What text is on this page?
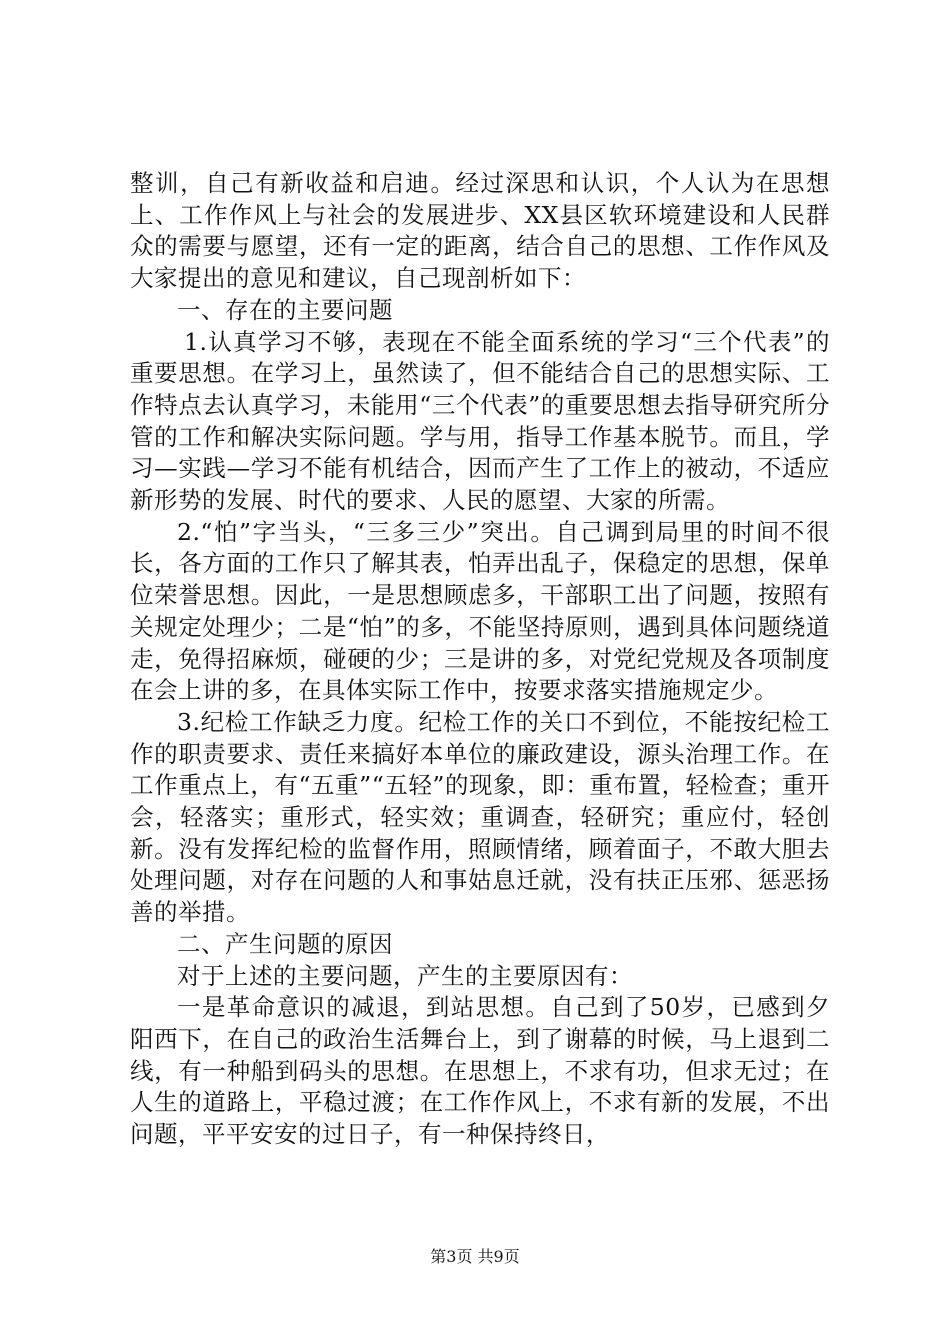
整训，自己有新收益和启迪。经过深思和认识，个人认为在思想上、工作作风上与社会的发展进步、XX县区软环境建设和人民群众的需要与愿望，还有一定的距离，结合自己的思想、工作作风及大家提出的意见和建议，自己现剖析如下：

一、存在的主要问题

1.认真学习不够，表现在不能全面系统的学习“三个代表”的重要思想。在学习上，虽然读了，但不能结合自己的思想实际、工作特点去认真学习，未能用“三个代表”的重要思想去指导研究所分管的工作和解决实际问题。学与用，指导工作基本脱节。而且，学习—实践—学习不能有机结合，因而产生了工作上的被动，不适应新形势的发展、时代的要求、人民的愿望、大家的所需。

2.“怕”字当头，“三多三少”突出。自己调到局里的时间不很长，各方面的工作只了解其表，怕弄出乱子，保稳定的思想，保单位荣誉思想。因此，一是思想顾虑多，干部职工出了问题，按照有关规定处理少；二是“怕”的多，不能坚持原则，遇到具体问题绕道走，免得招麻烦，碰硬的少；三是讲的多，对党纪党规及各项制度在会上讲的多，在具体实际工作中，按要求落实措施规定少。

3.纪检工作缺乏力度。纪检工作的关口不到位，不能按纪检工作的职责要求、责任来搞好本单位的廉政建设，源头治理工作。在工作重点上，有“五重”“五轻”的现象，即：重布置，轻检查；重开会，轻落实；重形式，轻实效；重调查，轻研究；重应付，轻创新。没有发挥纪检的监督作用，照顾情绪，顾着面子，不敢大胆去处理问题，对存在问题的人和事姑息迁就，没有扶正压邪、惩恶扬善的举措。

二、产生问题的原因

对于上述的主要问题，产生的主要原因有：

一是革命意识的减退，到站思想。自己到了50岁，已感到夕阳西下，在自己的政治生活舞台上，到了谢幕的时候，马上退到二线，有一种船到码头的思想。在思想上，不求有功，但求无过；在人生的道路上，平稳过渡；在工作作风上，不求有新的发展，不出问题，平平安安的过日子，有一种保持终日，

第3页 共9页
